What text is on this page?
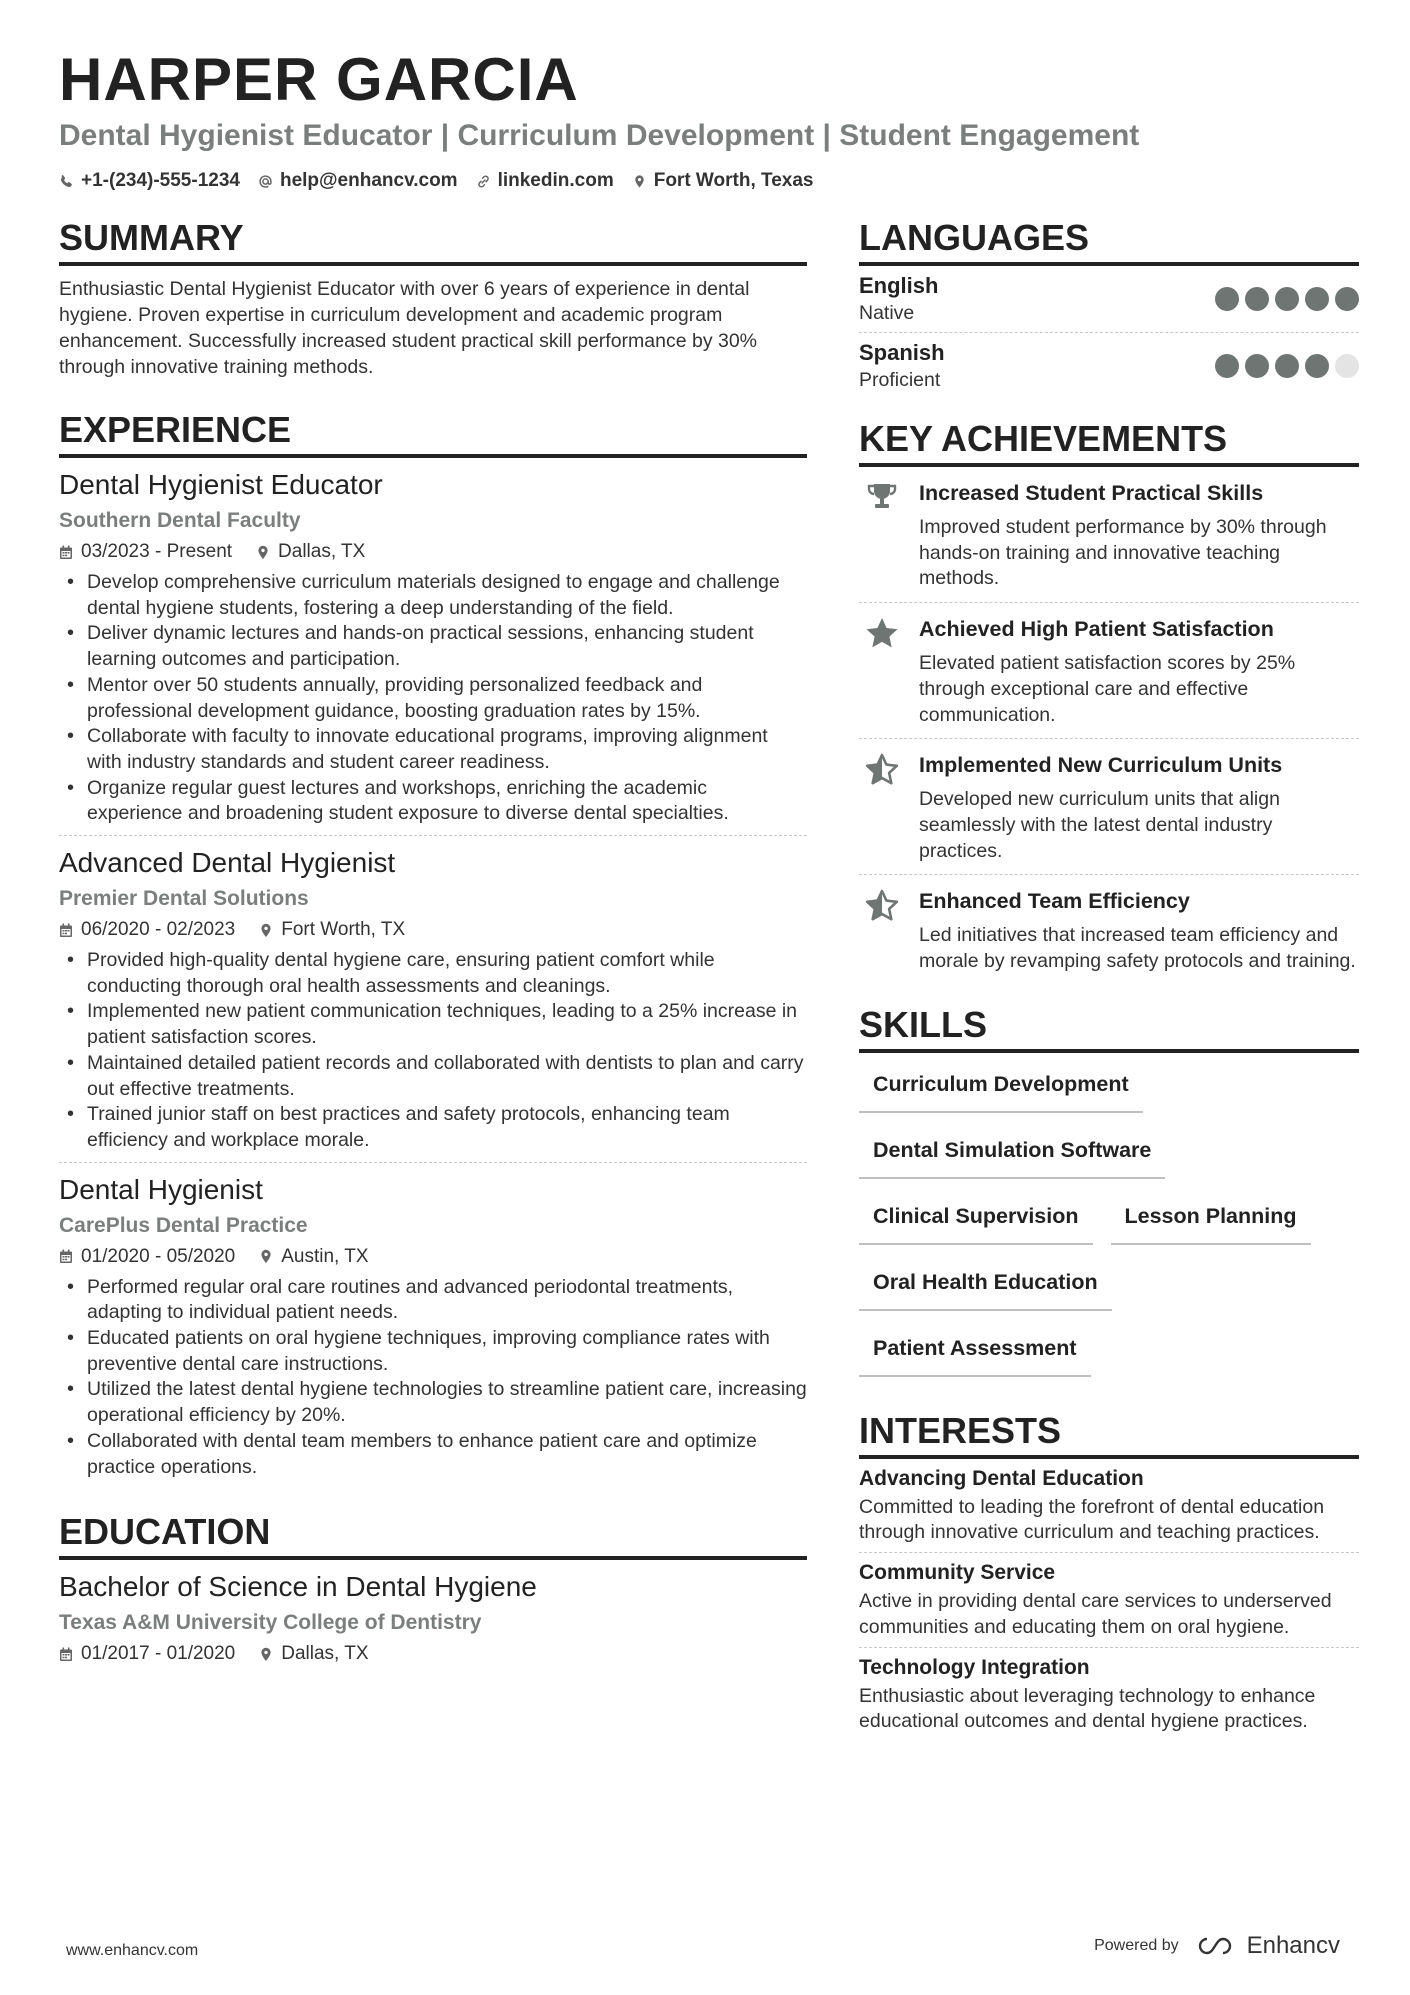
HARPER GARCIA
Dental Hygienist Educator | Curriculum Development | Student Engagement
+1-(234)-555-1234 help@enhancv.com linkedin.com Fort Worth, Texas
SUMMARY

Enthusiastic Dental Hygienist Educator with over 6 years of experience in dental hygiene. Proven expertise in curriculum development and academic program enhancement. Successfully increased student practical skill performance by 30% through innovative training methods.

EXPERIENCE
Dental Hygienist Educator
Southern Dental Faculty
03/2023 - Present Dallas, TX
• Develop comprehensive curriculum materials designed to engage and challenge dental hygiene students, fostering a deep understanding of the field.
• Deliver dynamic lectures and hands-on practical sessions, enhancing student learning outcomes and participation.
• Mentor over 50 students annually, providing personalized feedback and professional development guidance, boosting graduation rates by 15%.
• Collaborate with faculty to innovate educational programs, improving alignment with industry standards and student career readiness.
• Organize regular guest lectures and workshops, enriching the academic experience and broadening student exposure to diverse dental specialties.
Advanced Dental Hygienist
Premier Dental Solutions
06/2020 - 02/2023 Fort Worth, TX
• Provided high-quality dental hygiene care, ensuring patient comfort while conducting thorough oral health assessments and cleanings.
• Implemented new patient communication techniques, leading to a 25% increase in patient satisfaction scores.
• Maintained detailed patient records and collaborated with dentists to plan and carry out effective treatments.
• Trained junior staff on best practices and safety protocols, enhancing team efficiency and workplace morale.
Dental Hygienist
CarePlus Dental Practice
01/2020 - 05/2020 Austin, TX
• Performed regular oral care routines and advanced periodontal treatments, adapting to individual patient needs.
• Educated patients on oral hygiene techniques, improving compliance rates with preventive dental care instructions.
• Utilized the latest dental hygiene technologies to streamline patient care, increasing operational efficiency by 20%.
• Collaborated with dental team members to enhance patient care and optimize practice operations.
EDUCATION
Bachelor of Science in Dental Hygiene
Texas A&M University College of Dentistry
01/2017 - 01/2020 Dallas, TX
LANGUAGES
English
Native
Spanish
Proficient
KEY ACHIEVEMENTS
Increased Student Practical Skills
Improved student performance by 30% through hands-on training and innovative teaching methods.
Achieved High Patient Satisfaction
Elevated patient satisfaction scores by 25% through exceptional care and effective communication.
Implemented New Curriculum Units
Developed new curriculum units that align seamlessly with the latest dental industry practices.
Enhanced Team Efficiency
Led initiatives that increased team efficiency and morale by revamping safety protocols and training.
SKILLS
Curriculum Development
Dental Simulation Software
Clinical Supervision	Lesson Planning
Oral Health Education
Patient Assessment
INTERESTS
Advancing Dental Education
Committed to leading the forefront of dental education through innovative curriculum and teaching practices.
Community Service
Active in providing dental care services to underserved communities and educating them on oral hygiene.
Technology Integration
Enthusiastic about leveraging technology to enhance educational outcomes and dental hygiene practices.
www.enhancv.com	Powered by	Enhancv
